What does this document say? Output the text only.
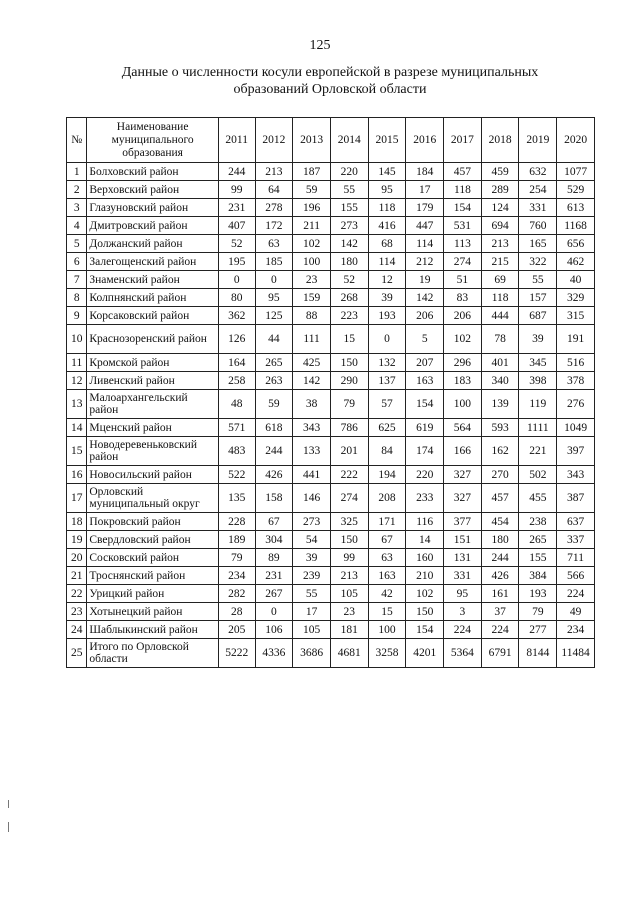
125
Данные о численности косули европейской в разрезе муниципальных
образований Орловской области
№	Наименование муниципального образования	2011	2012	2013	2014	2015	2016	2017	2018	2019	2020
1	Болховский район	244	213	187	220	145	184	457	459	632	1077
2	Верховский район	99	64	59	55	95	17	118	289	254	529
3	Глазуновский район	231	278	196	155	118	179	154	124	331	613
4	Дмитровский район	407	172	211	273	416	447	531	694	760	1168
5	Должанский район	52	63	102	142	68	114	113	213	165	656
6	Залегощенский район	195	185	100	180	114	212	274	215	322	462
7	Знаменский район	0	0	23	52	12	19	51	69	55	40
8	Колпнянский район	80	95	159	268	39	142	83	118	157	329
9	Корсаковский район	362	125	88	223	193	206	206	444	687	315
10	Краснозоренский район	126	44	111	15	0	5	102	78	39	191
11	Кромской район	164	265	425	150	132	207	296	401	345	516
12	Ливенский район	258	263	142	290	137	163	183	340	398	378
13	Малоархангельский район	48	59	38	79	57	154	100	139	119	276
14	Мценский район	571	618	343	786	625	619	564	593	1111	1049
15	Новодеревеньковский район	483	244	133	201	84	174	166	162	221	397
16	Новосильский район	522	426	441	222	194	220	327	270	502	343
17	Орловский муниципальный округ	135	158	146	274	208	233	327	457	455	387
18	Покровский район	228	67	273	325	171	116	377	454	238	637
19	Свердловский район	189	304	54	150	67	14	151	180	265	337
20	Сосковский район	79	89	39	99	63	160	131	244	155	711
21	Троснянский район	234	231	239	213	163	210	331	426	384	566
22	Урицкий район	282	267	55	105	42	102	95	161	193	224
23	Хотынецкий район	28	0	17	23	15	150	3	37	79	49
24	Шаблыкинский район	205	106	105	181	100	154	224	224	277	234
25	Итого по Орловской области	5222	4336	3686	4681	3258	4201	5364	6791	8144	11484
